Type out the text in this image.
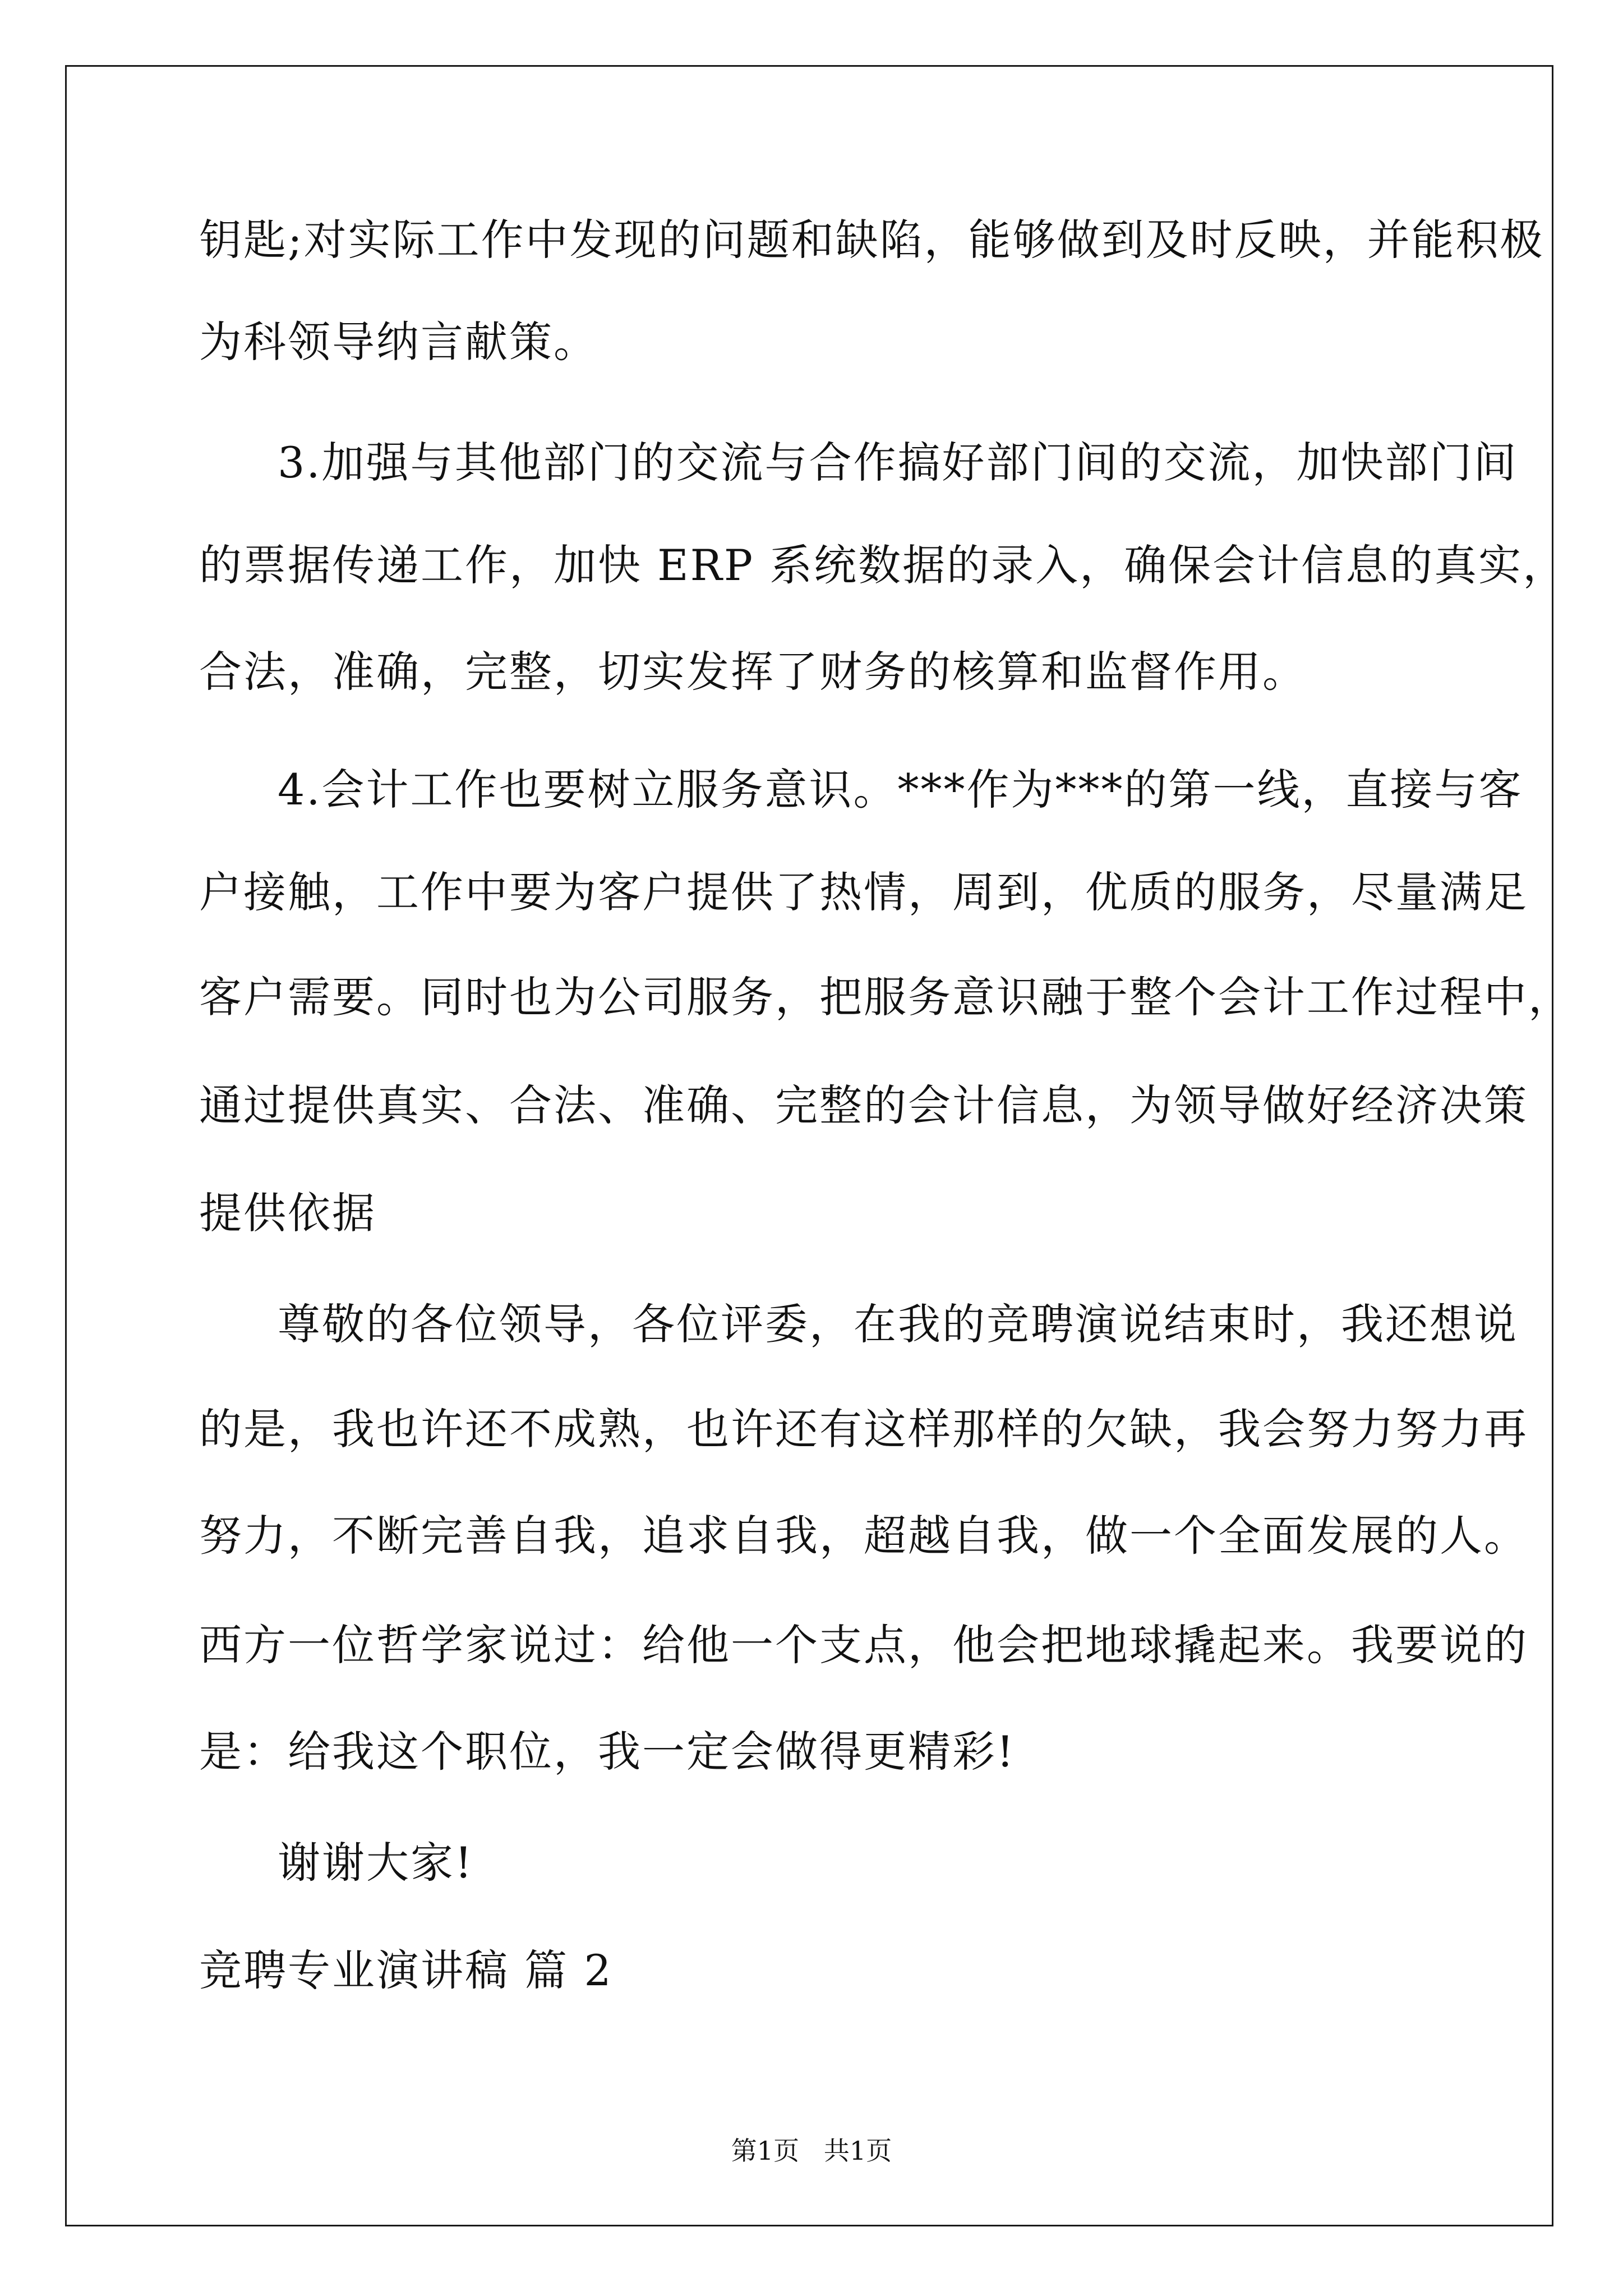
钥匙;对实际工作中发现的问题和缺陷，能够做到及时反映，并能积极
为科领导纳言献策。
3.加强与其他部门的交流与合作搞好部门间的交流，加快部门间
的票据传递工作，加快 ERP 系统数据的录入，确保会计信息的真实，
合法，准确，完整，切实发挥了财务的核算和监督作用。
4.会计工作也要树立服务意识。***作为***的第一线，直接与客
户接触，工作中要为客户提供了热情，周到，优质的服务，尽量满足
客户需要。同时也为公司服务，把服务意识融于整个会计工作过程中，
通过提供真实、合法、准确、完整的会计信息，为领导做好经济决策
提供依据
尊敬的各位领导，各位评委，在我的竞聘演说结束时，我还想说
的是，我也许还不成熟，也许还有这样那样的欠缺，我会努力努力再
努力，不断完善自我，追求自我，超越自我，做一个全面发展的人。
西方一位哲学家说过：给他一个支点，他会把地球撬起来。我要说的
是：给我这个职位，我一定会做得更精彩!
谢谢大家!
竞聘专业演讲稿 篇 2
第1页   共1页
